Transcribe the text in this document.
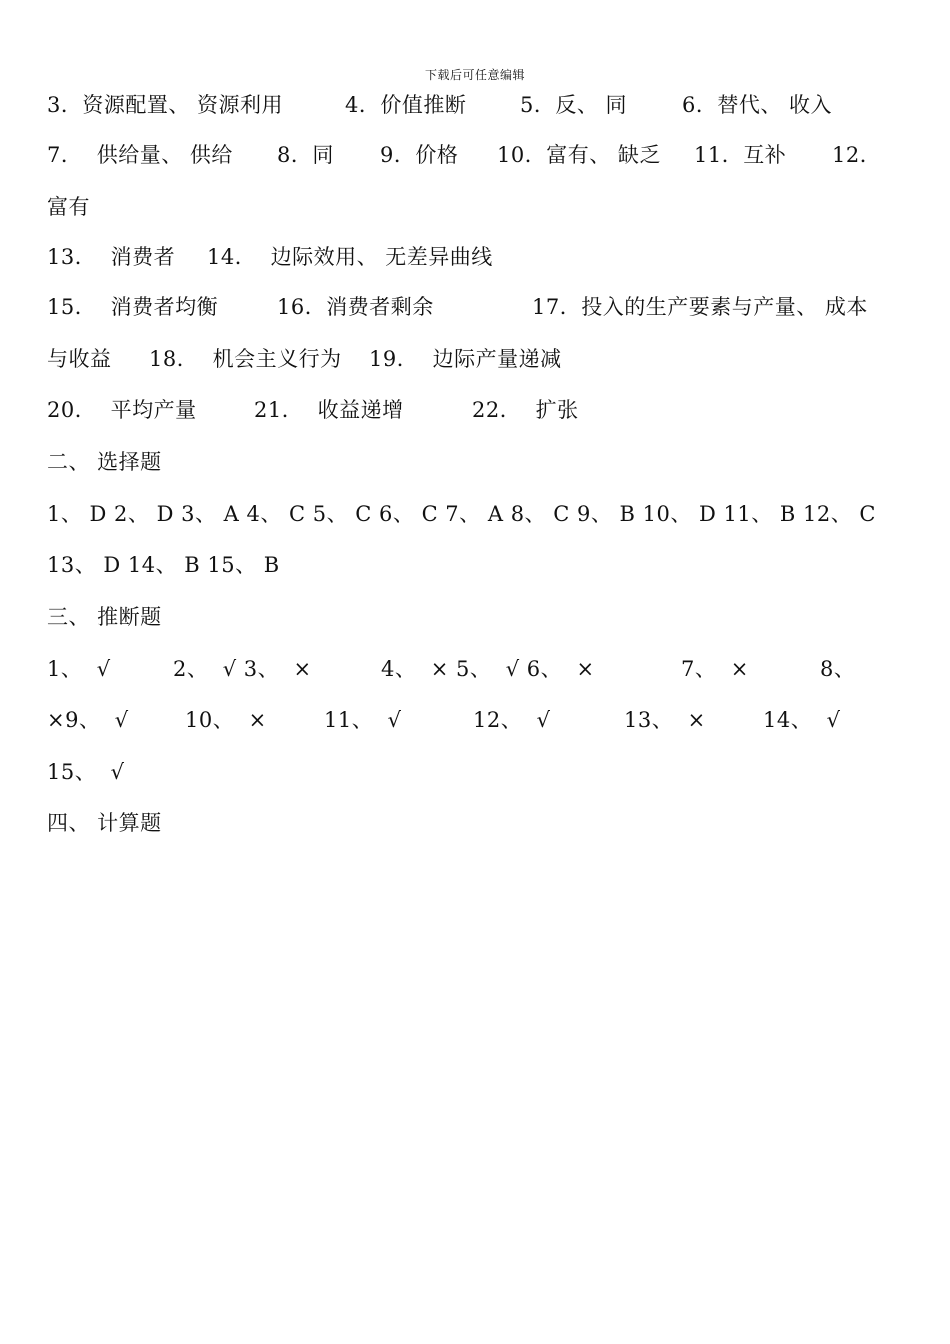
下载后可任意编辑
3．资源配置、 资源利用	4．价值推断	5．反、 同	6．替代、 收入
7．  供给量、 供给 8．同 9．价格 10．富有、 缺乏 11．互补 12．
富有
13．  消费者 14．  边际效用、 无差异曲线
15．  消费者均衡	16．消费者剩余	17．投入的生产要素与产量、 成本
与收益 18．  机会主义行为 19．  边际产量递减
20．  平均产量	21．  收益递增	22．  扩张
二、 选择题
1、 D 2、 D 3、 A 4、 C 5、 C 6、 C 7、 A 8、 C 9、 B 10、 D 11、 B 12、 C
13、 D 14、 B 15、 B
三、 推断题
1、  √	2、  √ 3、  ×	4、  × 5、  √ 6、  ×	7、  ×	8、
×9、  √	10、  ×	11、  √	12、  √	13、  ×	14、  √
15、  √
四、 计算题
